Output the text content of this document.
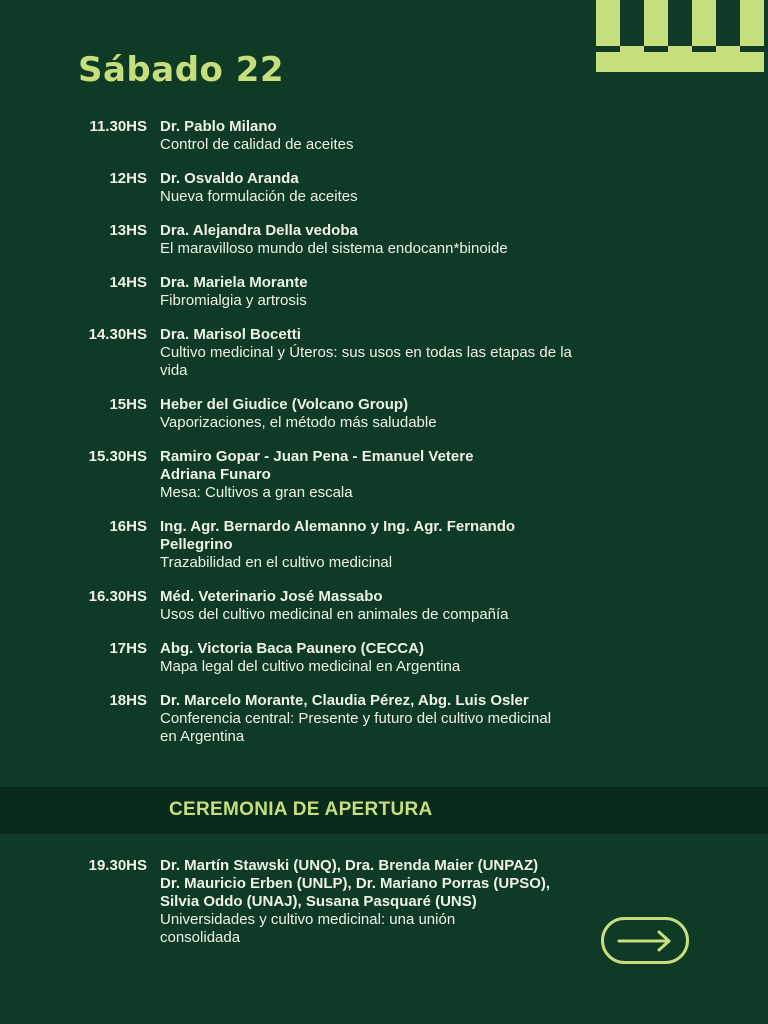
Sábado 22
11.30HS Dr. Pablo Milano
Control de calidad de aceites
12HS Dr. Osvaldo Aranda
Nueva formulación de aceites
13HS Dra. Alejandra Della vedoba
El maravilloso mundo del sistema endocann*binoide
14HS Dra. Mariela Morante
Fibromialgia y artrosis
14.30HS Dra. Marisol Bocetti
Cultivo medicinal y Úteros: sus usos en todas las etapas de la vida
15HS Heber del Giudice (Volcano Group)
Vaporizaciones, el método más saludable
15.30HS Ramiro Gopar - Juan Pena - Emanuel Vetere Adriana Funaro
Mesa: Cultivos a gran escala
16HS Ing. Agr. Bernardo Alemanno y Ing. Agr. Fernando Pellegrino
Trazabilidad en el cultivo medicinal
16.30HS Méd. Veterinario José Massabo
Usos del cultivo medicinal en animales de compañía
17HS Abg. Victoria Baca Paunero (CECCA)
Mapa legal del cultivo medicinal en Argentina
18HS Dr. Marcelo Morante, Claudia Pérez, Abg. Luis Osler
Conferencia central: Presente y futuro del cultivo medicinal en Argentina
CEREMONIA DE APERTURA
19.30HS Dr. Martín Stawski (UNQ), Dra. Brenda Maier (UNPAZ)
Dr. Mauricio Erben (UNLP), Dr. Mariano Porras (UPSO),
Silvia Oddo (UNAJ), Susana Pasquaré (UNS)
Universidades y cultivo medicinal: una unión consolidada
